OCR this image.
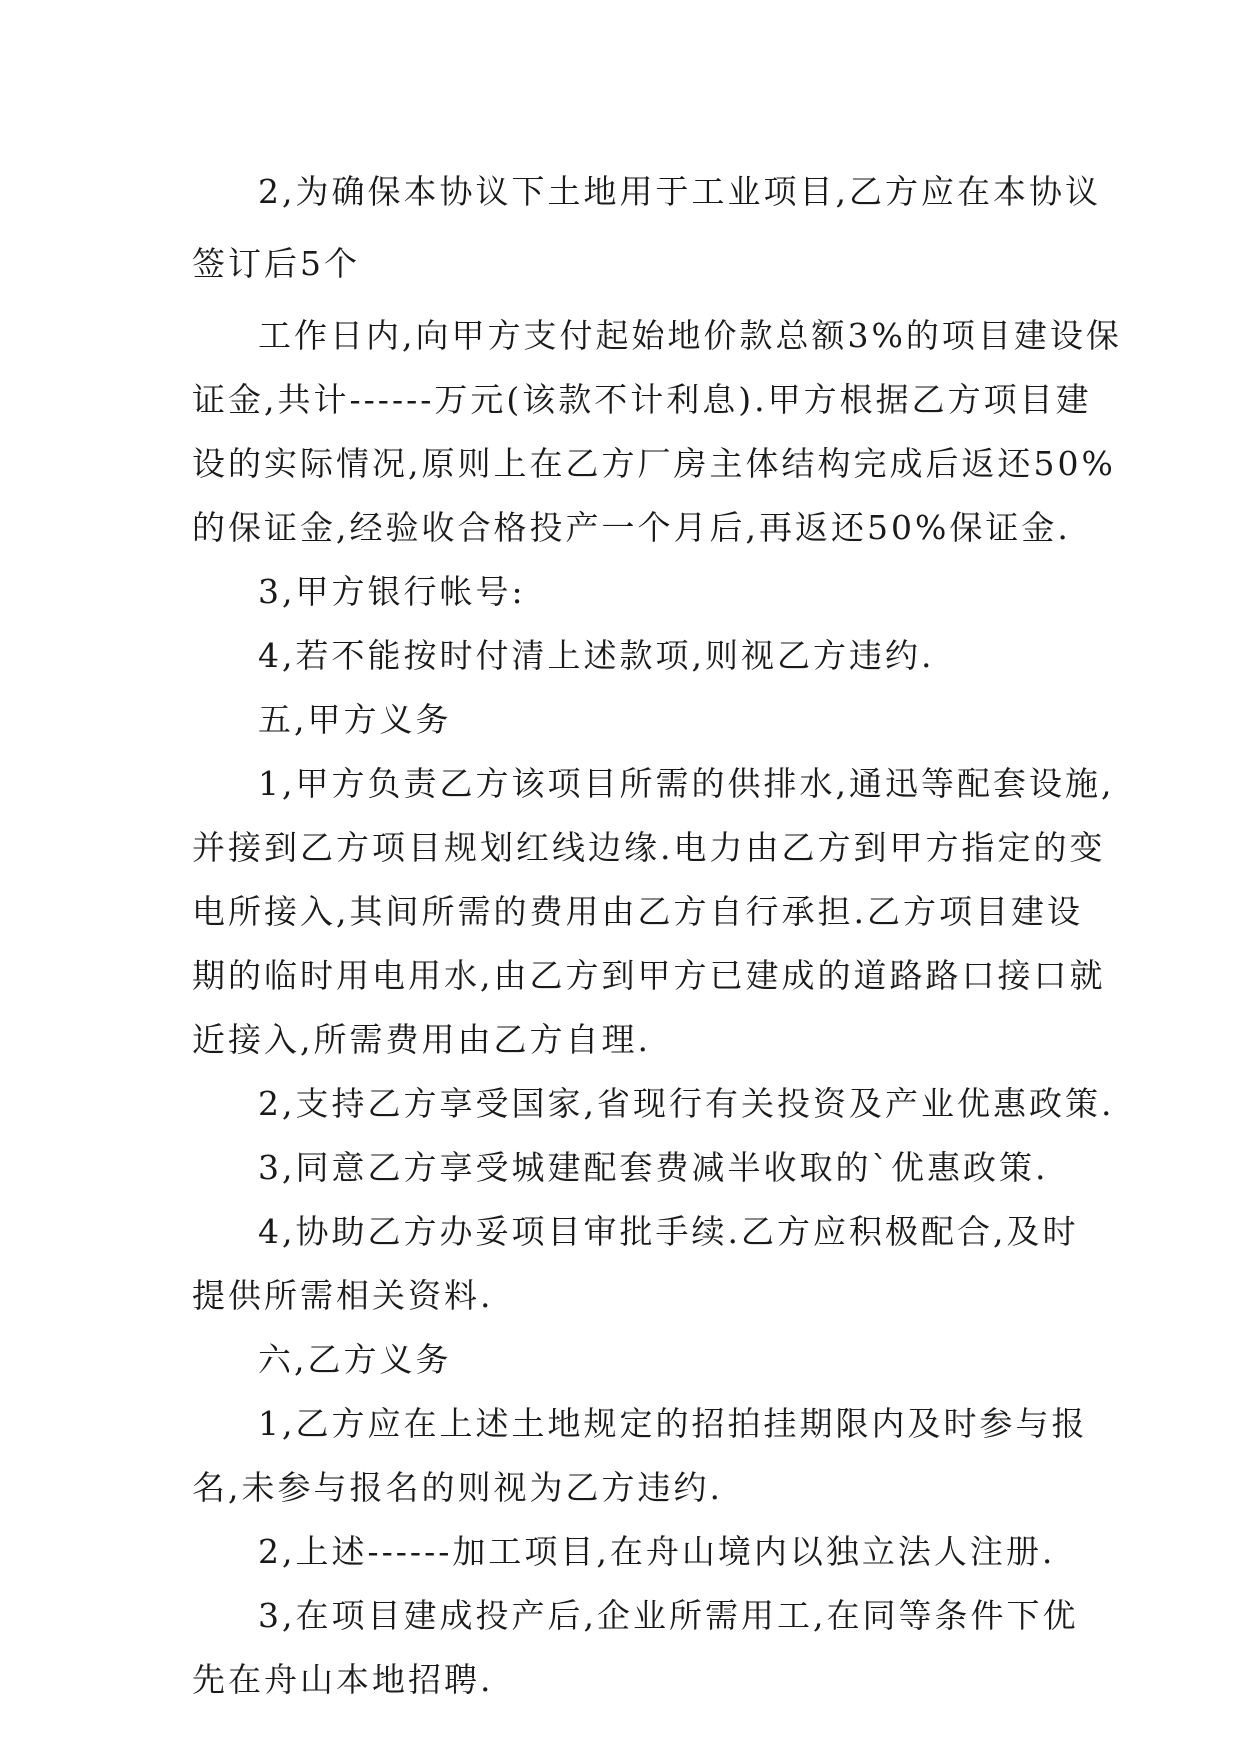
2,为确保本协议下土地用于工业项目,乙方应在本协议
签订后5个
工作日内,向甲方支付起始地价款总额3%的项目建设保
证金,共计------万元(该款不计利息).甲方根据乙方项目建
设的实际情况,原则上在乙方厂房主体结构完成后返还50%
的保证金,经验收合格投产一个月后,再返还50%保证金.
3,甲方银行帐号:
4,若不能按时付清上述款项,则视乙方违约.
五,甲方义务
1,甲方负责乙方该项目所需的供排水,通迅等配套设施,
并接到乙方项目规划红线边缘.电力由乙方到甲方指定的变
电所接入,其间所需的费用由乙方自行承担.乙方项目建设
期的临时用电用水,由乙方到甲方已建成的道路路口接口就
近接入,所需费用由乙方自理.
2,支持乙方享受国家,省现行有关投资及产业优惠政策.
3,同意乙方享受城建配套费减半收取的`优惠政策.
4,协助乙方办妥项目审批手续.乙方应积极配合,及时
提供所需相关资料.
六,乙方义务
1,乙方应在上述土地规定的招拍挂期限内及时参与报
名,未参与报名的则视为乙方违约.
2,上述------加工项目,在舟山境内以独立法人注册.
3,在项目建成投产后,企业所需用工,在同等条件下优
先在舟山本地招聘.
